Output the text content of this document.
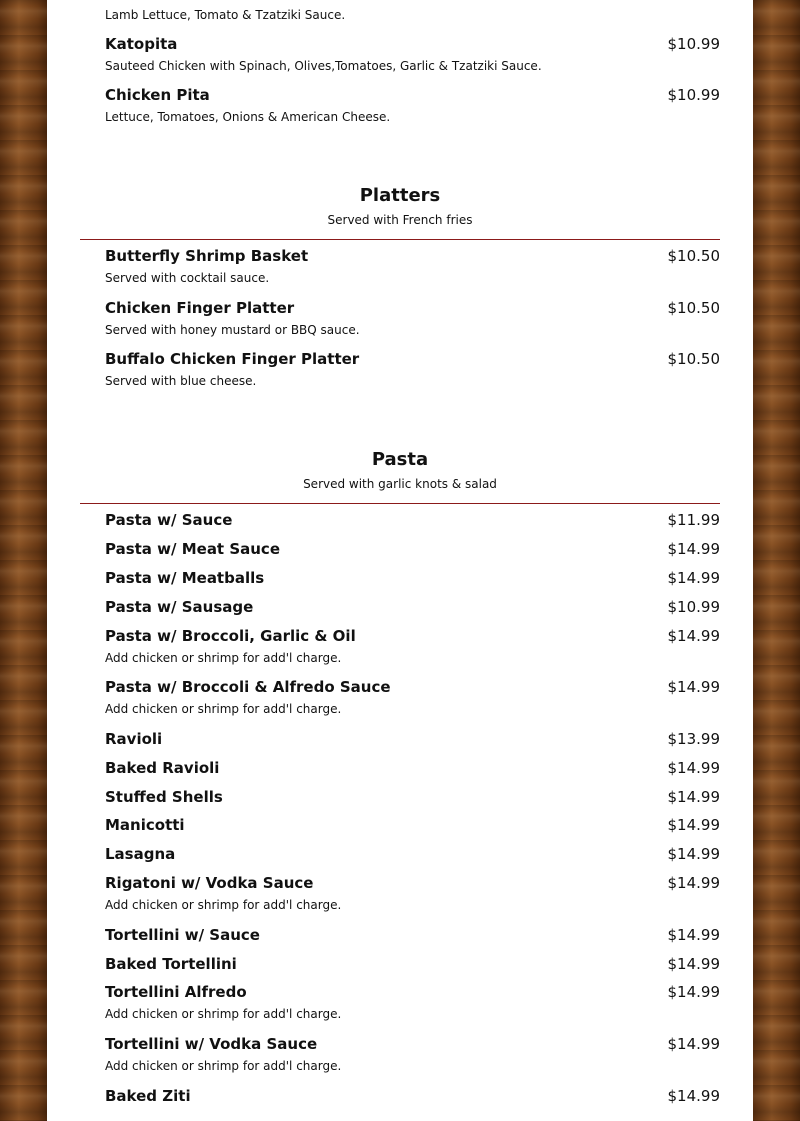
Lamb Lettuce, Tomato & Tzatziki Sauce.
Katopita	$10.99
Sauteed Chicken with Spinach, Olives,Tomatoes, Garlic & Tzatziki Sauce.
Chicken Pita	$10.99
Lettuce, Tomatoes, Onions & American Cheese.
Platters
Served with French fries
Butterfly Shrimp Basket	$10.50
Served with cocktail sauce.
Chicken Finger Platter	$10.50
Served with honey mustard or BBQ sauce.
Buffalo Chicken Finger Platter	$10.50
Served with blue cheese.
Pasta
Served with garlic knots & salad
Pasta w/ Sauce	$11.99
Pasta w/ Meat Sauce	$14.99
Pasta w/ Meatballs	$14.99
Pasta w/ Sausage	$10.99
Pasta w/ Broccoli, Garlic & Oil	$14.99
Add chicken or shrimp for add'l charge.
Pasta w/ Broccoli & Alfredo Sauce	$14.99
Add chicken or shrimp for add'l charge.
Ravioli	$13.99
Baked Ravioli	$14.99
Stuffed Shells	$14.99
Manicotti	$14.99
Lasagna	$14.99
Rigatoni w/ Vodka Sauce	$14.99
Add chicken or shrimp for add'l charge.
Tortellini w/ Sauce	$14.99
Baked Tortellini	$14.99
Tortellini Alfredo	$14.99
Add chicken or shrimp for add'l charge.
Tortellini w/ Vodka Sauce	$14.99
Add chicken or shrimp for add'l charge.
Baked Ziti	$14.99
